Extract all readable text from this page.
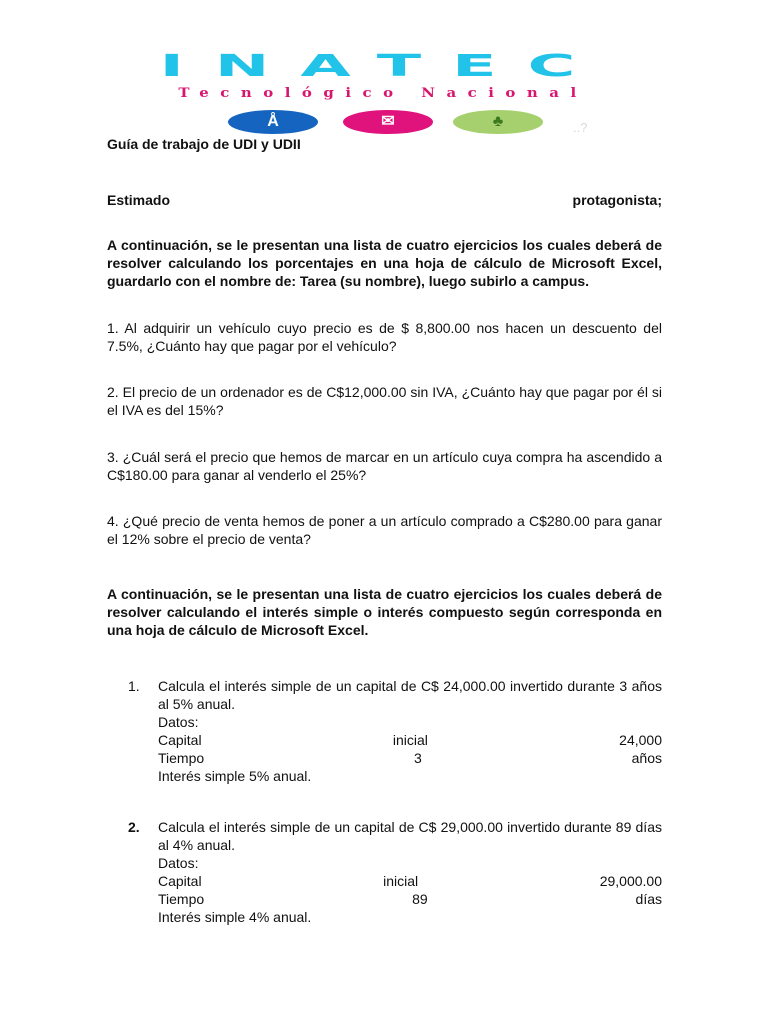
INATEC
Tecnológico Nacional
Å	✉	♣	..?
Guía de trabajo de UDI y UDII
Estimado	protagonista;
A continuación, se le presentan una lista de cuatro ejercicios los cuales deberá de resolver calculando los porcentajes en una hoja de cálculo de Microsoft Excel, guardarlo con el nombre de: Tarea (su nombre), luego subirlo a campus.
1. Al adquirir un vehículo cuyo precio es de $ 8,800.00 nos hacen un descuento del 7.5%, ¿Cuánto hay que pagar por el vehículo?
2. El precio de un ordenador es de C$12,000.00 sin IVA, ¿Cuánto hay que pagar por él si el IVA es del 15%?
3. ¿Cuál será el precio que hemos de marcar en un artículo cuya compra ha ascendido a C$180.00 para ganar al venderlo el 25%?
4. ¿Qué precio de venta hemos de poner a un artículo comprado a C$280.00 para ganar el 12% sobre el precio de venta?
A continuación, se le presentan una lista de cuatro ejercicios los cuales deberá de resolver calculando el interés simple o interés compuesto según corresponda en una hoja de cálculo de Microsoft Excel.
1. Calcula el interés simple de un capital de C$ 24,000.00 invertido durante 3 años al 5% anual.
Datos:
Capital	inicial	24,000
Tiempo	3	años
Interés simple 5% anual.
2. Calcula el interés simple de un capital de C$ 29,000.00 invertido durante 89 días al 4% anual.
Datos:
Capital	inicial	29,000.00
Tiempo	89	días
Interés simple 4% anual.
